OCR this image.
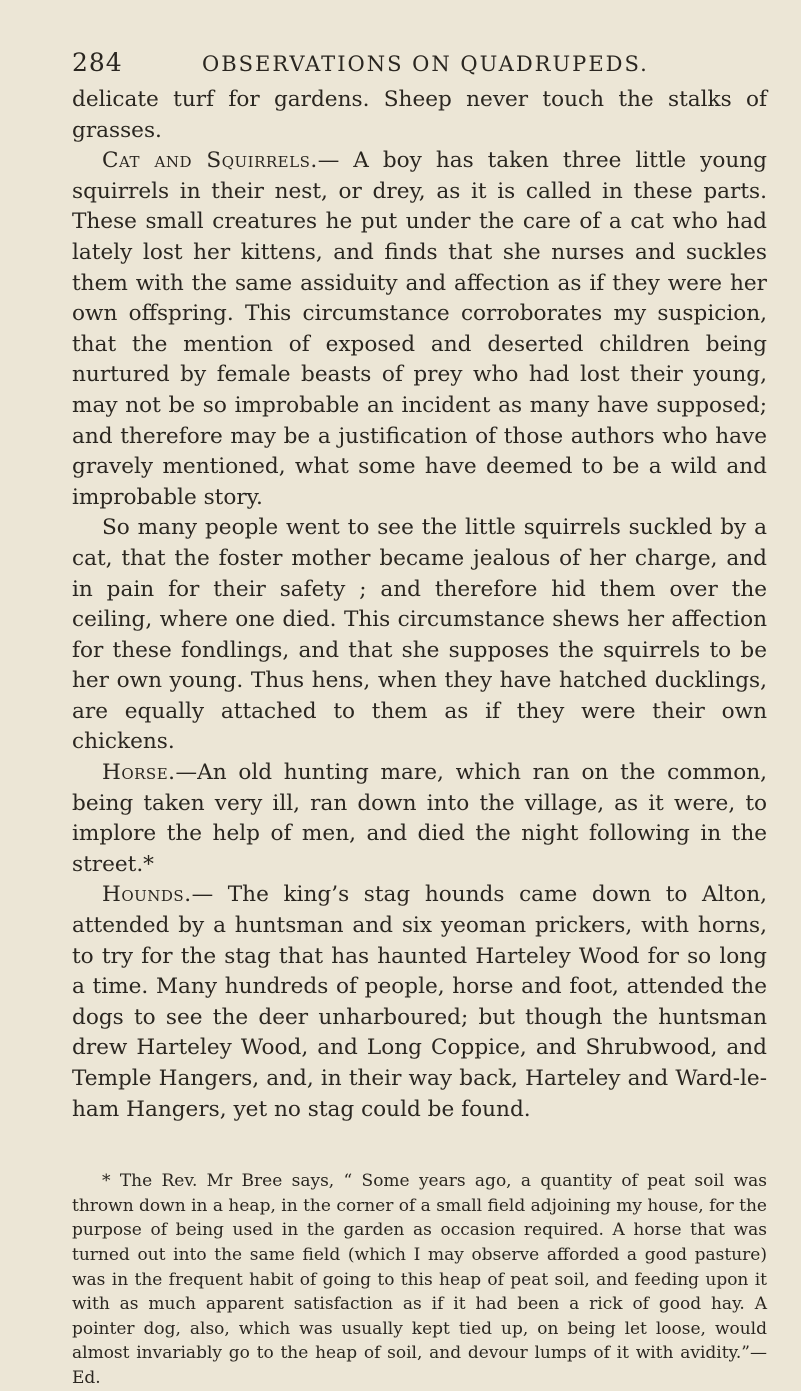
284	OBSERVATIONS ON QUADRUPEDS.

delicate turf for gardens. Sheep never touch the stalks of grasses.

Cat and Squirrels.— A boy has taken three little young squirrels in their nest, or drey, as it is called in these parts. These small creatures he put under the care of a cat who had lately lost her kittens, and finds that she nurses and suckles them with the same assiduity and affection as if they were her own offspring. This circumstance corroborates my suspicion, that the mention of exposed and deserted children being nurtured by female beasts of prey who had lost their young, may not be so improbable an incident as many have supposed; and therefore may be a justification of those authors who have gravely mentioned, what some have deemed to be a wild and improbable story.

So many people went to see the little squirrels suckled by a cat, that the foster mother became jealous of her charge, and in pain for their safety ; and therefore hid them over the ceiling, where one died. This circumstance shews her affection for these fondlings, and that she supposes the squirrels to be her own young. Thus hens, when they have hatched ducklings, are equally attached to them as if they were their own chickens.

Horse.—An old hunting mare, which ran on the common, being taken very ill, ran down into the village, as it were, to implore the help of men, and died the night following in the street.*

Hounds.— The king’s stag hounds came down to Alton, attended by a huntsman and six yeoman prickers, with horns, to try for the stag that has haunted Harteley Wood for so long a time. Many hundreds of people, horse and foot, attended the dogs to see the deer unharboured; but though the huntsman drew Harteley Wood, and Long Coppice, and Shrubwood, and Temple Hangers, and, in their way back, Harteley and Ward-le-ham Hangers, yet no stag could be found.

* The Rev. Mr Bree says, “ Some years ago, a quantity of peat soil was thrown down in a heap, in the corner of a small field adjoining my house, for the purpose of being used in the garden as occasion required. A horse that was turned out into the same field (which I may observe afforded a good pasture) was in the frequent habit of going to this heap of peat soil, and feeding upon it with as much apparent satisfaction as if it had been a rick of good hay. A pointer dog, also, which was usually kept tied up, on being let loose, would almost invariably go to the heap of soil, and devour lumps of it with avidity.”— Ed.
